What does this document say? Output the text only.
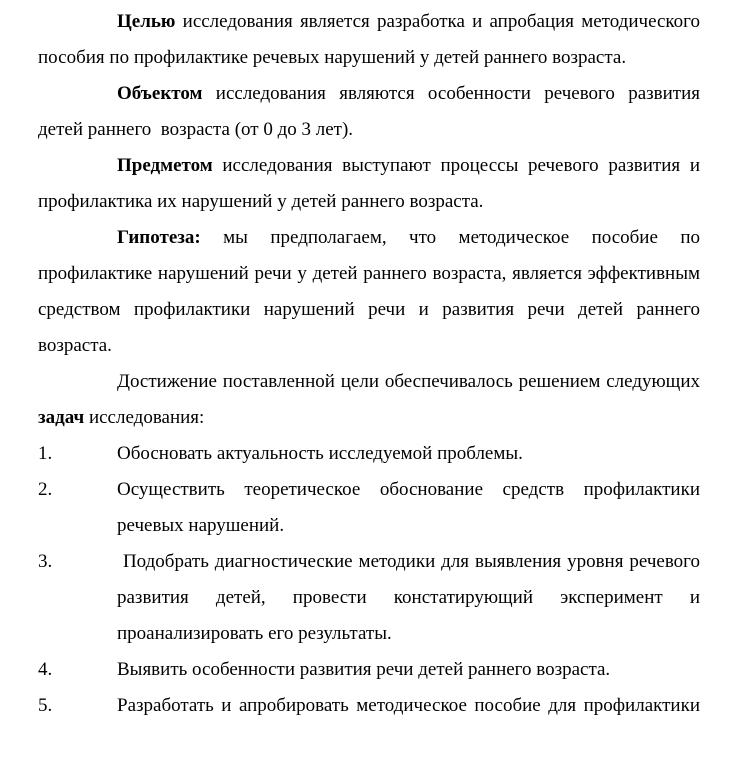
Целью исследования является разработка и апробация методического пособия по профилактике речевых нарушений у детей раннего возраста.

Объектом исследования являются особенности речевого развития детей раннего  возраста (от 0 до 3 лет).

Предметом исследования выступают процессы речевого развития и профилактика их нарушений у детей раннего возраста.

Гипотеза: мы предполагаем, что методическое пособие по профилактике нарушений речи у детей раннего возраста, является эффективным средством профилактики нарушений речи и развития речи детей раннего возраста.

Достижение поставленной цели обеспечивалось решением следующих задач исследования:

1.	Обосновать актуальность исследуемой проблемы.

2.	Осуществить теоретическое обоснование средств профилактики речевых нарушений.

3.	Подобрать диагностические методики для выявления уровня речевого развития детей, провести констатирующий эксперимент и проанализировать его результаты.

4.	Выявить особенности развития речи детей раннего возраста.

5.	Разработать и апробировать методическое пособие для профилактики
